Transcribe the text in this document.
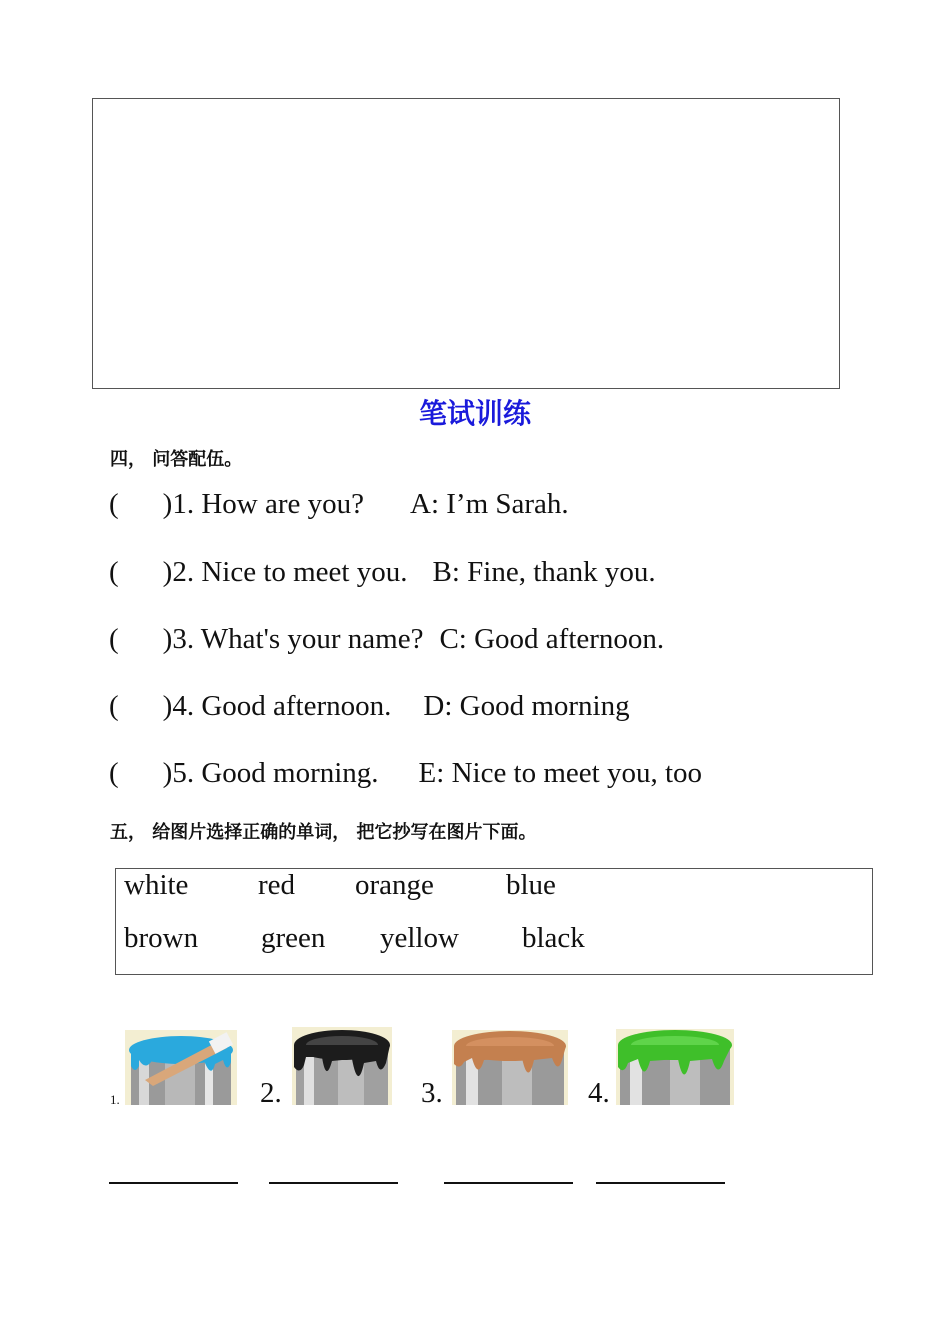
笔试训练
四， 问答配伍。
( )1. How are you? A: I’m Sarah.
( )2. Nice to meet you. B: Fine, thank you.
( )3. What's your name? C: Good afternoon.
( )4. Good afternoon. D: Good morning
( )5. Good morning. E: Nice to meet you, too
五， 给图片选择正确的单词， 把它抄写在图片下面。
white red orange blue
brown green yellow black
1.	2.	3.	4.
